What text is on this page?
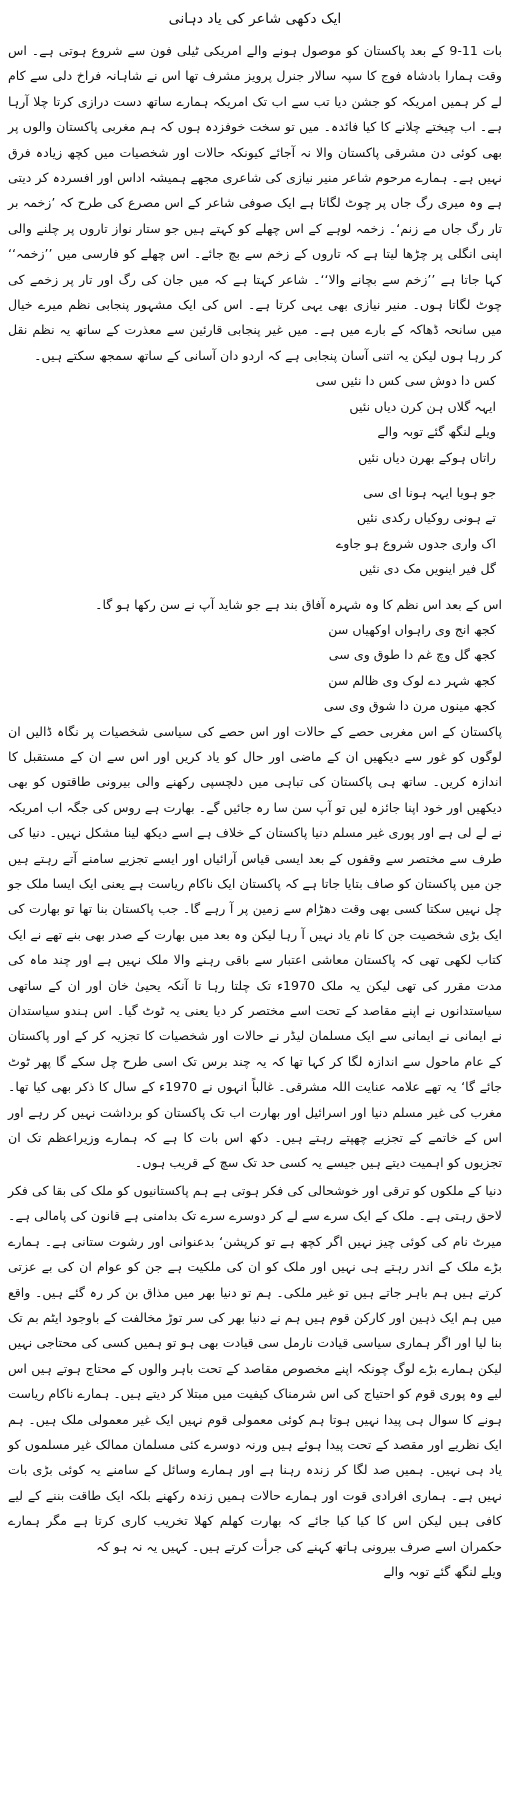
ایک دکھی شاعر کی یاد دہانی

بات 11-9 کے بعد پاکستان کو موصول ہونے والے امریکی ٹیلی فون سے شروع ہوتی ہے۔ اس وقت ہمارا بادشاہ فوج کا سپہ سالار جنرل پرویز مشرف تھا اس نے شاہانہ فراخ دلی سے کام لے کر ہمیں امریکہ کو جشن دیا تب سے اب تک امریکہ ہمارے ساتھ دست درازی کرتا چلا آرہا ہے۔ اب چیختے چلانے کا کیا فائدہ۔ میں تو سخت خوفزدہ ہوں کہ ہم مغربی پاکستان والوں پر بھی کوئی دن مشرقی پاکستان والا نہ آجائے کیونکہ حالات اور شخصیات میں کچھ زیادہ فرق نہیں ہے۔ ہمارے مرحوم شاعر منیر نیازی کی شاعری مجھے ہمیشہ اداس اور افسردہ کر دیتی ہے وہ میری رگ جاں پر چوٹ لگاتا ہے ایک صوفی شاعر کے اس مصرع کی طرح کہ ’زخمہ بر تار رگ جاں مے زنم‘۔ زخمہ لوہے کے اس چھلے کو کہتے ہیں جو ستار نواز تاروں پر چلنے والی اپنی انگلی پر چڑھا لیتا ہے کہ تاروں کے زخم سے بچ جائے۔ اس چھلے کو فارسی میں ’’زخمہ‘‘ کہا جاتا ہے ’’زخم سے بچانے والا‘‘۔ شاعر کہتا ہے کہ میں جان کی رگ اور تار پر زخمے کی چوٹ لگاتا ہوں۔ منیر نیازی بھی یہی کرتا ہے۔ اس کی ایک مشہور پنجابی نظم میرے خیال میں سانحہ ڈھاکہ کے بارے میں ہے۔ میں غیر پنجابی قارئین سے معذرت کے ساتھ یہ نظم نقل کر رہا ہوں لیکن یہ اتنی آسان پنجابی ہے کہ اردو دان آسانی کے ساتھ سمجھ سکتے ہیں۔

کس دا دوش سی کس دا نئیں سی
ایہہ گلاں ہن کرن دیاں نئیں
ویلے لنگھ گئے توبہ والے
راتاں ہوکے بھرن دیاں نئیں
جو ہویا ایہہ ہونا ای سی
تے ہونی روکیاں رکدی نئیں
اک واری جدوں شروع ہو جاوے
گل فیر اینویں مک دی نئیں

اس کے بعد اس نظم کا وہ شہرہ آفاق بند ہے جو شاید آپ نے سن رکھا ہو گا۔

کجھ انج وی راہواں اوکھیاں سن
کجھ گل وچ غم دا طوق وی سی
کجھ شہر دے لوک وی ظالم سن
کجھ مینوں مرن دا شوق وی سی

پاکستان کے اس مغربی حصے کے حالات اور اس حصے کی سیاسی شخصیات پر نگاہ ڈالیں ان لوگوں کو غور سے دیکھیں ان کے ماضی اور حال کو یاد کریں اور اس سے ان کے مستقبل کا اندازہ کریں۔ ساتھ ہی پاکستان کی تباہی میں دلچسپی رکھنے والی بیرونی طاقتوں کو بھی دیکھیں اور خود اپنا جائزہ لیں تو آپ سن سا رہ جائیں گے۔ بھارت ہے روس کی جگہ اب امریکہ نے لے لی ہے اور پوری غیر مسلم دنیا پاکستان کے خلاف ہے اسے دیکھ لینا مشکل نہیں۔ دنیا کی طرف سے مختصر سے وقفوں کے بعد ایسی قیاس آرائیاں اور ایسے تجزیے سامنے آتے رہتے ہیں جن میں پاکستان کو صاف بتایا جاتا ہے کہ پاکستان ایک ناکام ریاست ہے یعنی ایک ایسا ملک جو چل نہیں سکتا کسی بھی وقت دھڑام سے زمین پر آ رہے گا۔ جب پاکستان بنا تھا تو بھارت کی ایک بڑی شخصیت جن کا نام یاد نہیں آ رہا لیکن وہ بعد میں بھارت کے صدر بھی بنے تھے نے ایک کتاب لکھی تھی کہ پاکستان معاشی اعتبار سے باقی رہنے والا ملک نہیں ہے اور چند ماہ کی مدت مقرر کی تھی لیکن یہ ملک 1970ء تک چلتا رہا تا آنکہ یحییٰ خان اور ان کے ساتھی سیاستدانوں نے اپنے مقاصد کے تحت اسے مختصر کر دیا یعنی یہ ٹوٹ گیا۔ اس ہندو سیاستدان نے ایمانی نے ایمانی سے ایک مسلمان لیڈر نے حالات اور شخصیات کا تجزیہ کر کے اور پاکستان کے عام ماحول سے اندازہ لگا کر کہا تھا کہ یہ چند برس تک اسی طرح چل سکے گا پھر ٹوٹ جائے گا‘ یہ تھے علامہ عنایت اللہ مشرقی۔ غالباً انہوں نے 1970ء کے سال کا ذکر بھی کیا تھا۔ مغرب کی غیر مسلم دنیا اور اسرائیل اور بھارت اب تک پاکستان کو برداشت نہیں کر رہے اور اس کے خاتمے کے تجزیے چھپتے رہتے ہیں۔ دکھ اس بات کا ہے کہ ہمارے وزیراعظم تک ان تجزیوں کو اہمیت دیتے ہیں جیسے یہ کسی حد تک سچ کے قریب ہوں۔

دنیا کے ملکوں کو ترقی اور خوشحالی کی فکر ہوتی ہے ہم پاکستانیوں کو ملک کی بقا کی فکر لاحق رہتی ہے۔ ملک کے ایک سرے سے لے کر دوسرے سرے تک بدامنی ہے قانون کی پامالی ہے۔ میرٹ نام کی کوئی چیز نہیں اگر کچھ ہے تو کرپشن‘ بدعنوانی اور رشوت ستانی ہے۔ ہمارے بڑے ملک کے اندر رہتے ہی نہیں اور ملک کو ان کی ملکیت ہے جن کو عوام ان کی بے عزتی کرتے ہیں ہم باہر جاتے ہیں تو غیر ملکی۔ ہم تو دنیا بھر میں مذاق بن کر رہ گئے ہیں۔ واقع میں ہم ایک ذہین اور کارکن قوم ہیں ہم نے دنیا بھر کی سر توڑ مخالفت کے باوجود ایٹم بم تک بنا لیا اور اگر ہماری سیاسی قیادت نارمل سی قیادت بھی ہو تو ہمیں کسی کی محتاجی نہیں لیکن ہمارے بڑے لوگ چونکہ اپنے مخصوص مقاصد کے تحت باہر والوں کے محتاج ہوتے ہیں اس لیے وہ پوری قوم کو احتیاج کی اس شرمناک کیفیت میں مبتلا کر دیتے ہیں۔ ہمارے ناکام ریاست ہونے کا سوال ہی پیدا نہیں ہوتا ہم کوئی معمولی قوم نہیں ایک غیر معمولی ملک ہیں۔ ہم ایک نظریے اور مقصد کے تحت پیدا ہوئے ہیں ورنہ دوسرے کئی مسلمان ممالک غیر مسلموں کو یاد ہی نہیں۔ ہمیں صد لگا کر زندہ رہنا ہے اور ہمارے وسائل کے سامنے یہ کوئی بڑی بات نہیں ہے۔ ہماری افرادی قوت اور ہمارے حالات ہمیں زندہ رکھنے بلکہ ایک طاقت بننے کے لیے کافی ہیں لیکن اس کا کیا کیا جائے کہ بھارت کھلم کھلا تخریب کاری کرتا ہے مگر ہمارے حکمران اسے صرف بیرونی ہاتھ کہنے کی جرأت کرتے ہیں۔ کہیں یہ نہ ہو کہ

ویلے لنگھ گئے توبہ والے
